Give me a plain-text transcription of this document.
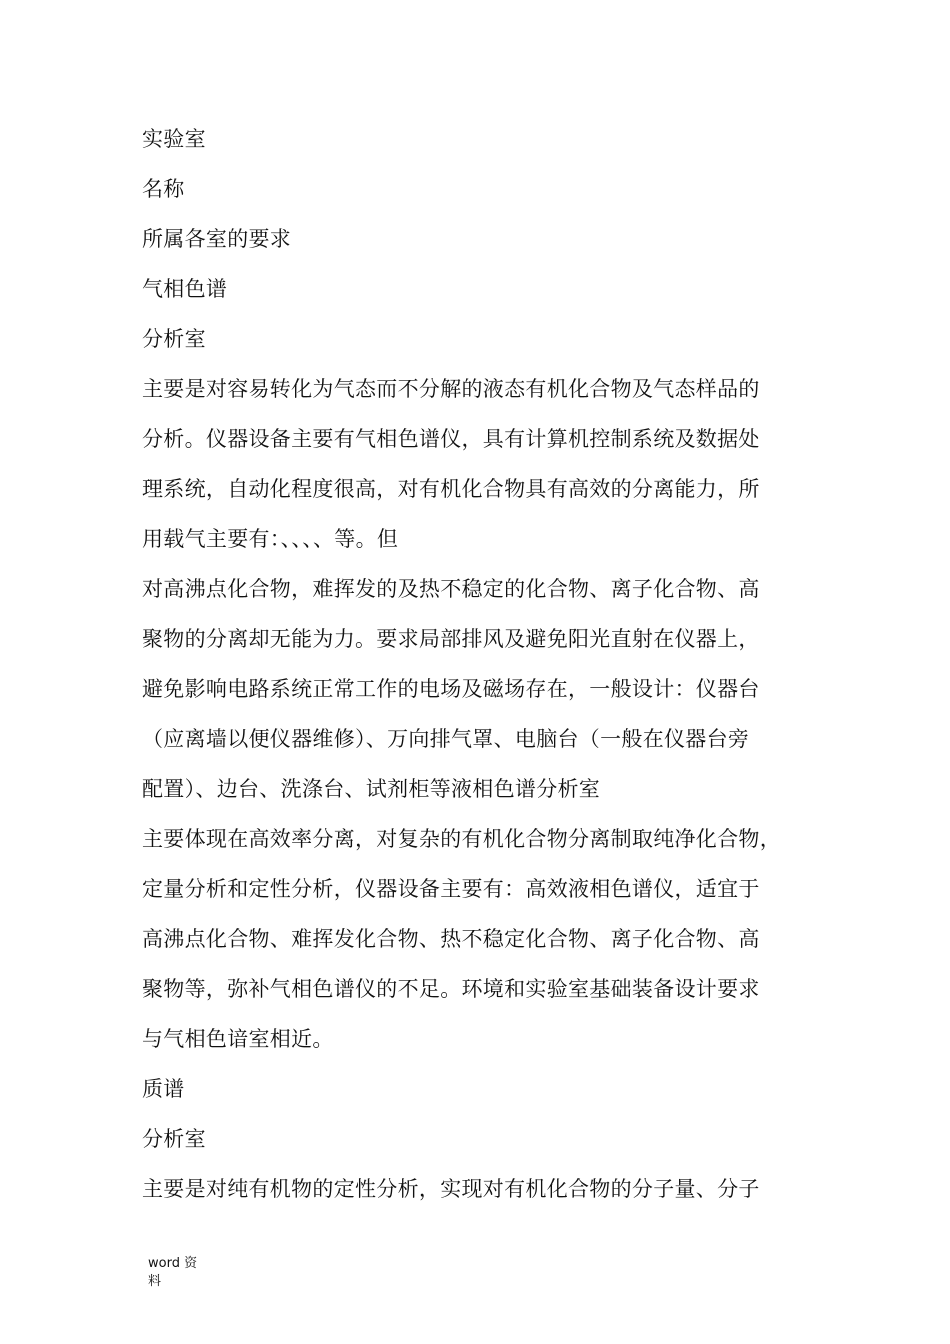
实验室
名称
所属各室的要求
气相色谱
分析室
主要是对容易转化为气态而不分解的液态有机化合物及气态样品的
分析。仪器设备主要有气相色谱仪，具有计算机控制系统及数据处
理系统，自动化程度很高，对有机化合物具有高效的分离能力，所
用载气主要有：、、、、等。但
对高沸点化合物，难挥发的及热不稳定的化合物、离子化合物、高
聚物的分离却无能为力。要求局部排风及避免阳光直射在仪器上，
避免影响电路系统正常工作的电场及磁场存在，一般设计：仪器台
（应离墙以便仪器维修）、万向排气罩、电脑台（一般在仪器台旁
配置）、边台、洗涤台、试剂柜等液相色谱分析室
主要体现在高效率分离，对复杂的有机化合物分离制取纯净化合物，
定量分析和定性分析，仪器设备主要有：高效液相色谱仪，适宜于
高沸点化合物、难挥发化合物、热不稳定化合物、离子化合物、高
聚物等，弥补气相色谱仪的不足。环境和实验室基础装备设计要求
与气相色谙室相近。
质谱
分析室
主要是对纯有机物的定性分析，实现对有机化合物的分子量、分子
word 资
料
